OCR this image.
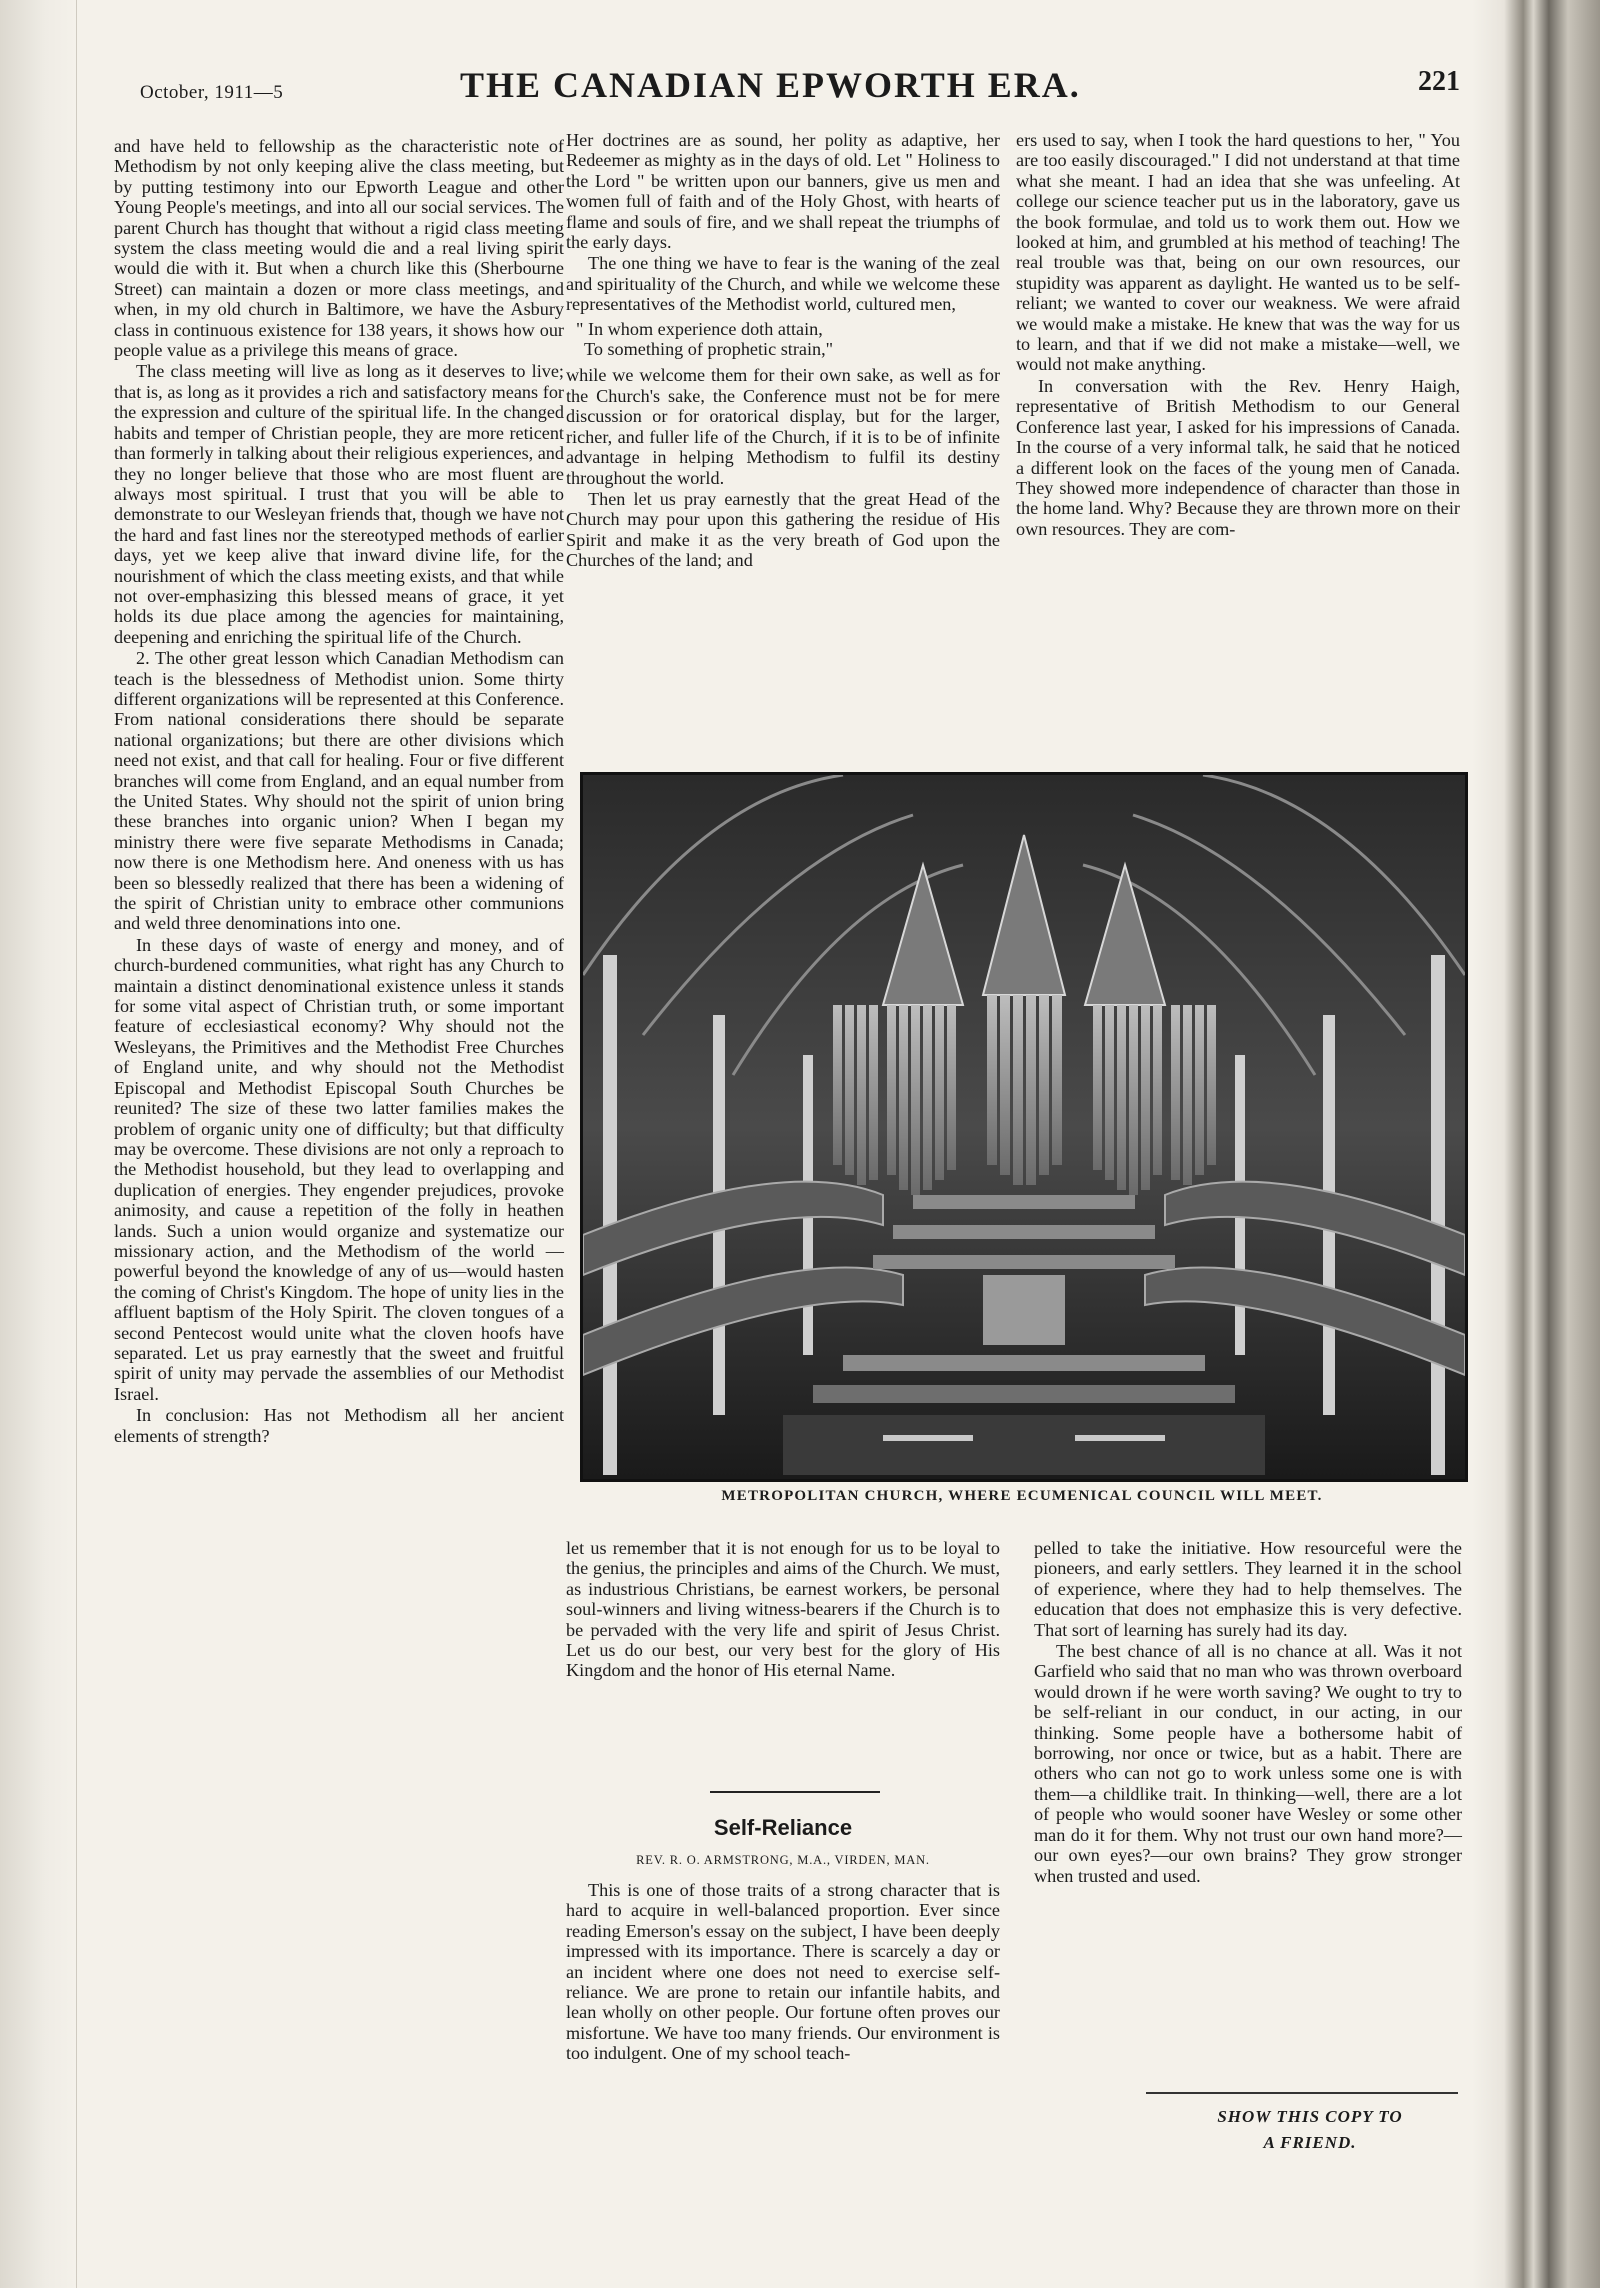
October, 1911—5	THE CANADIAN EPWORTH ERA.	221

and have held to fellowship as the characteristic note of Methodism by not only keeping alive the class meeting, but by putting testimony into our Epworth League and other Young People's meetings, and into all our social services. The parent Church has thought that without a rigid class meeting system the class meeting would die and a real living spirit would die with it. But when a church like this (Sherbourne Street) can maintain a dozen or more class meetings, and when, in my old church in Baltimore, we have the Asbury class in continuous existence for 138 years, it shows how our people value as a privilege this means of grace.

The class meeting will live as long as it deserves to live; that is, as long as it provides a rich and satisfactory means for the expression and culture of the spiritual life. In the changed habits and temper of Christian people, they are more reticent than formerly in talking about their religious experiences, and they no longer believe that those who are most fluent are always most spiritual. I trust that you will be able to demonstrate to our Wesleyan friends that, though we have not the hard and fast lines nor the stereotyped methods of earlier days, yet we keep alive that inward divine life, for the nourishment of which the class meeting exists, and that while not over-emphasizing this blessed means of grace, it yet holds its due place among the agencies for maintaining, deepening and enriching the spiritual life of the Church.

2. The other great lesson which Canadian Methodism can teach is the blessedness of Methodist union. Some thirty different organizations will be represented at this Conference. From national considerations there should be separate national organizations; but there are other divisions which need not exist, and that call for healing. Four or five different branches will come from England, and an equal number from the United States. Why should not the spirit of union bring these branches into organic union? When I began my ministry there were five separate Methodisms in Canada; now there is one Methodism here. And oneness with us has been so blessedly realized that there has been a widening of the spirit of Christian unity to embrace other communions and weld three denominations into one.

In these days of waste of energy and money, and of church-burdened communities, what right has any Church to maintain a distinct denominational existence unless it stands for some vital aspect of Christian truth, or some important feature of ecclesiastical economy? Why should not the Wesleyans, the Primitives and the Methodist Free Churches of England unite, and why should not the Methodist Episcopal and Methodist Episcopal South Churches be reunited? The size of these two latter families makes the problem of organic unity one of difficulty; but that difficulty may be overcome. These divisions are not only a reproach to the Methodist household, but they lead to overlapping and duplication of energies. They engender prejudices, provoke animosity, and cause a repetition of the folly in heathen lands. Such a union would organize and systematize our missionary action, and the Methodism of the world —powerful beyond the knowledge of any of us—would hasten the coming of Christ's Kingdom. The hope of unity lies in the affluent baptism of the Holy Spirit. The cloven tongues of a second Pentecost would unite what the cloven hoofs have separated. Let us pray earnestly that the sweet and fruitful spirit of unity may pervade the assemblies of our Methodist Israel.

In conclusion: Has not Methodism all her ancient elements of strength?

Her doctrines are as sound, her polity as adaptive, her Redeemer as mighty as in the days of old. Let " Holiness to the Lord " be written upon our banners, give us men and women full of faith and of the Holy Ghost, with hearts of flame and souls of fire, and we shall repeat the triumphs of the early days.

The one thing we have to fear is the waning of the zeal and spirituality of the Church, and while we welcome these representatives of the Methodist world, cultured men,

" In whom experience doth attain,
To something of prophetic strain,"

while we welcome them for their own sake, as well as for the Church's sake, the Conference must not be for mere discussion or for oratorical display, but for the larger, richer, and fuller life of the Church, if it is to be of infinite advantage in helping Methodism to fulfil its destiny throughout the world.

Then let us pray earnestly that the great Head of the Church may pour upon this gathering the residue of His Spirit and make it as the very breath of God upon the Churches of the land; and

ers used to say, when I took the hard questions to her, " You are too easily discouraged." I did not understand at that time what she meant. I had an idea that she was unfeeling. At college our science teacher put us in the laboratory, gave us the book formulae, and told us to work them out. How we looked at him, and grumbled at his method of teaching! The real trouble was that, being on our own resources, our stupidity was apparent as daylight. He wanted us to be self-reliant; we wanted to cover our weakness. We were afraid we would make a mistake. He knew that was the way for us to learn, and that if we did not make a mistake—well, we would not make anything.

In conversation with the Rev. Henry Haigh, representative of British Methodism to our General Conference last year, I asked for his impressions of Canada. In the course of a very informal talk, he said that he noticed a different look on the faces of the young men of Canada. They showed more independence of character than those in the home land. Why? Because they are thrown more on their own resources. They are com-

METROPOLITAN CHURCH, WHERE ECUMENICAL COUNCIL WILL MEET.

let us remember that it is not enough for us to be loyal to the genius, the principles and aims of the Church. We must, as industrious Christians, be earnest workers, be personal soul-winners and living witness-bearers if the Church is to be pervaded with the very life and spirit of Jesus Christ. Let us do our best, our very best for the glory of His Kingdom and the honor of His eternal Name.

Self-Reliance
REV. R. O. ARMSTRONG, M.A., VIRDEN, MAN.

This is one of those traits of a strong character that is hard to acquire in well-balanced proportion. Ever since reading Emerson's essay on the subject, I have been deeply impressed with its importance. There is scarcely a day or an incident where one does not need to exercise self-reliance. We are prone to retain our infantile habits, and lean wholly on other people. Our fortune often proves our misfortune. We have too many friends. Our environment is too indulgent. One of my school teach-

pelled to take the initiative. How resourceful were the pioneers, and early settlers. They learned it in the school of experience, where they had to help themselves. The education that does not emphasize this is very defective. That sort of learning has surely had its day.

The best chance of all is no chance at all. Was it not Garfield who said that no man who was thrown overboard would drown if he were worth saving? We ought to try to be self-reliant in our conduct, in our acting, in our thinking. Some people have a bothersome habit of borrowing, nor once or twice, but as a habit. There are others who can not go to work unless some one is with them—a childlike trait. In thinking—well, there are a lot of people who would sooner have Wesley or some other man do it for them. Why not trust our own hand more?—our own eyes?—our own brains? They grow stronger when trusted and used.

SHOW THIS COPY TO
A FRIEND.
